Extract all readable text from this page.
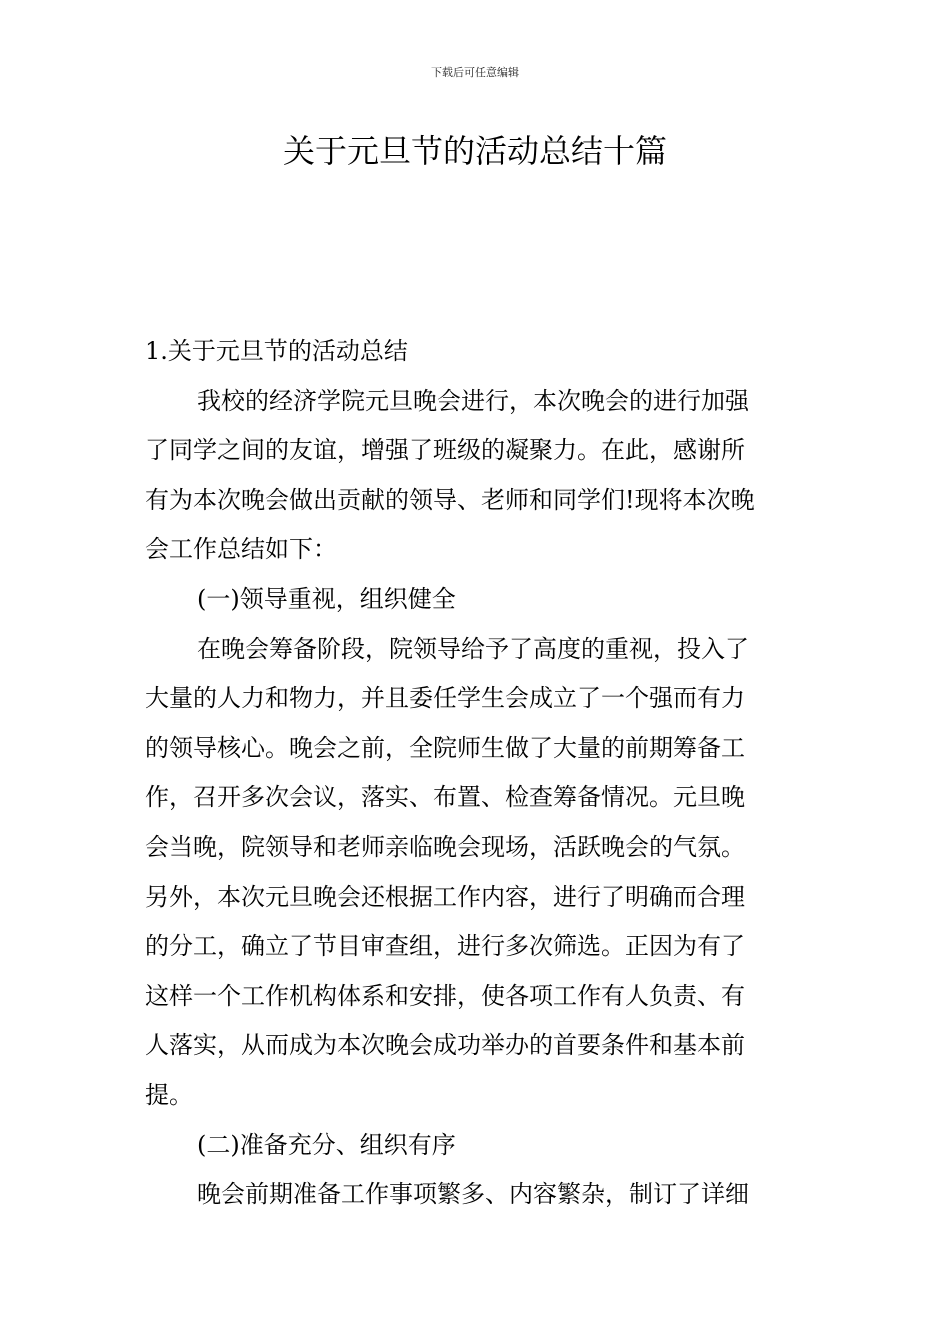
下载后可任意编辑
关于元旦节的活动总结十篇
1.关于元旦节的活动总结
我校的经济学院元旦晚会进行，本次晚会的进行加强
了同学之间的友谊，增强了班级的凝聚力。在此，感谢所
有为本次晚会做出贡献的领导、老师和同学们!现将本次晚
会工作总结如下：
(一)领导重视，组织健全
在晚会筹备阶段，院领导给予了高度的重视，投入了
大量的人力和物力，并且委任学生会成立了一个强而有力
的领导核心。晚会之前，全院师生做了大量的前期筹备工
作，召开多次会议，落实、布置、检查筹备情况。元旦晚
会当晚，院领导和老师亲临晚会现场，活跃晚会的气氛。
另外，本次元旦晚会还根据工作内容，进行了明确而合理
的分工，确立了节目审查组，进行多次筛选。正因为有了
这样一个工作机构体系和安排，使各项工作有人负责、有
人落实，从而成为本次晚会成功举办的首要条件和基本前
提。
(二)准备充分、组织有序
晚会前期准备工作事项繁多、内容繁杂，制订了详细
